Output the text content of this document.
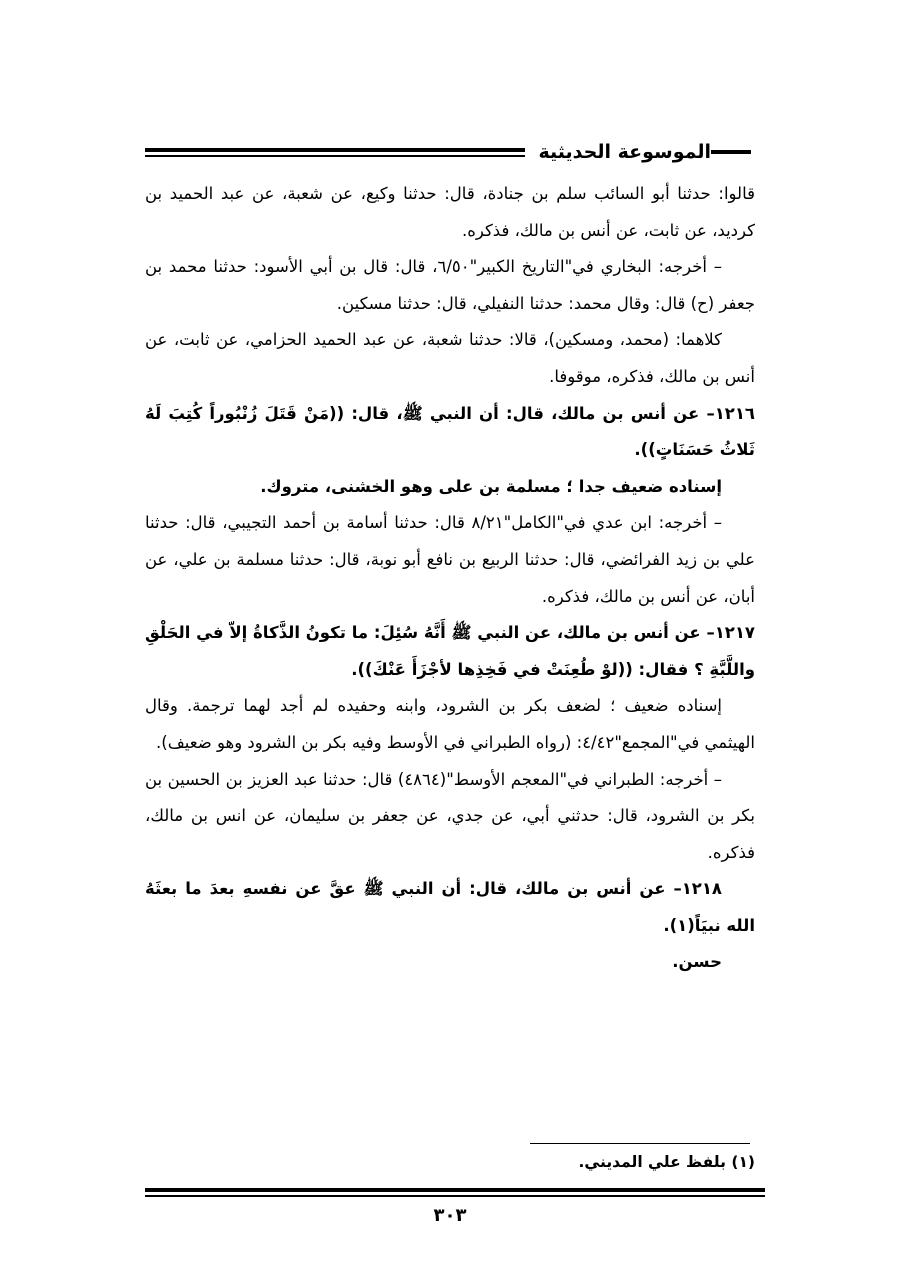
الموسوعة الحديثية

قالوا: حدثنا أبو السائب سلم بن جنادة، قال: حدثنا وكيع، عن شعبة، عن عبد الحميد بن كرديد، عن ثابت، عن أنس بن مالك، فذكره.

– أخرجه: البخاري في"التاريخ الكبير"٦/٥٠، قال: قال بن أبي الأسود: حدثنا محمد بن جعفر (ح) قال: وقال محمد: حدثنا النفيلي، قال: حدثنا مسكين.

كلاهما: (محمد، ومسكين)، قالا: حدثنا شعبة، عن عبد الحميد الحزامي، عن ثابت، عن أنس بن مالك، فذكره، موقوفا.

١٢١٦– عن أنس بن مالك، قال: أن النبي ﷺ، قال: ((مَنْ قَتَلَ زُنْبُوراً كُتِبَ لَهُ ثَلاثُ حَسَنَاتٍ)).

إسناده ضعيف جدا ؛ مسلمة بن على وهو الخشنى، متروك.

– أخرجه: ابن عدي في"الكامل"٨/٢١ قال: حدثنا أسامة بن أحمد التجيبي، قال: حدثنا علي بن زيد الفرائضي، قال: حدثنا الربيع بن نافع أبو نوبة، قال: حدثنا مسلمة بن علي، عن أبان، عن أنس بن مالك، فذكره.

١٢١٧– عن أنس بن مالك، عن النبي ﷺ أَنَّهُ سُئِلَ: ما تكونُ الذَّكاةُ إلاّ في الحَلْقِ واللَّبَّةِ ؟ فقال: ((لوْ طُعِنَتْ في فَخِذِها لأجْزَأَ عَنْكَ)).

إسناده ضعيف ؛ لضعف بكر بن الشرود، وابنه وحفيده لم أجد لهما ترجمة. وقال الهيثمي في"المجمع"٤/٤٢: (رواه الطبراني في الأوسط وفيه بكر بن الشرود وهو ضعيف).

– أخرجه: الطبراني في"المعجم الأوسط"(٤٨٦٤) قال: حدثنا عبد العزيز بن الحسين بن بكر بن الشرود، قال: حدثني أبي، عن جدي، عن جعفر بن سليمان، عن انس بن مالك، فذكره.

١٢١٨– عن أنس بن مالك، قال: أن النبي ﷺ عقَّ عن نفسهِ بعدَ ما بعثَهُ الله نبيَاً(١).

حسن.

(١) بلفظ علي المديني.
٣٠٣
